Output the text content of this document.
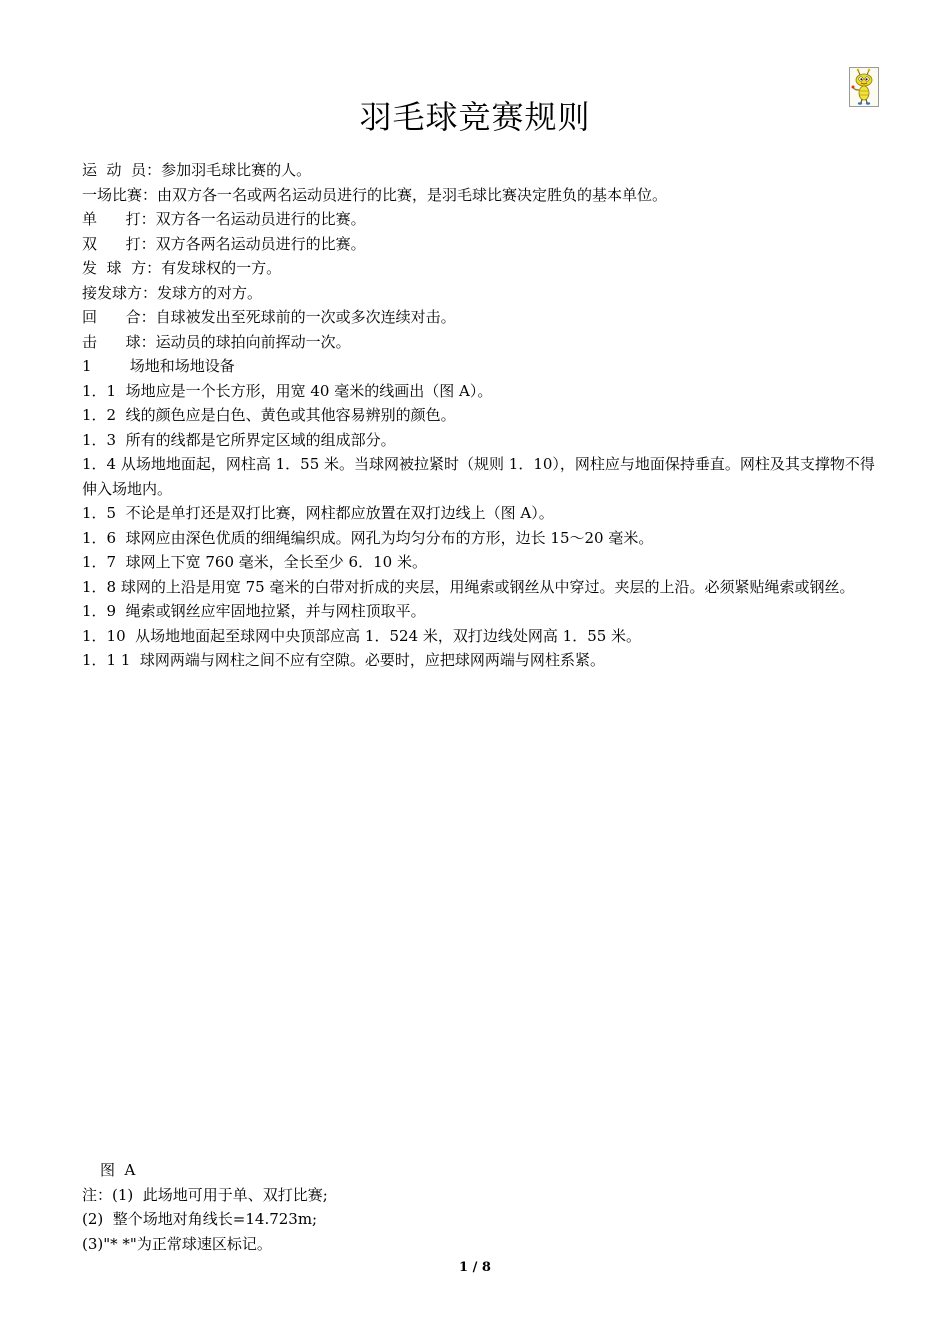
羽毛球竞赛规则
运  动  员：参加羽毛球比赛的人。
一场比赛：由双方各一名或两名运动员进行的比赛，是羽毛球比赛决定胜负的基本单位。
单      打：双方各一名运动员进行的比赛。
双      打：双方各两名运动员进行的比赛。
发  球  方：有发球权的一方。
接发球方：发球方的对方。
回      合：自球被发出至死球前的一次或多次连续对击。
击      球：运动员的球拍向前挥动一次。
1        场地和场地设备
1．1  场地应是一个长方形，用宽 40 毫米的线画出（图 A）。
1．2  线的颜色应是白色、黄色或其他容易辨别的颜色。
1．3  所有的线都是它所界定区域的组成部分。
1．4 从场地地面起，网柱高 1．55 米。当球网被拉紧时（规则 1．10），网柱应与地面保持垂直。网柱及其支撑物不得伸入场地内。
1．5  不论是单打还是双打比赛，网柱都应放置在双打边线上（图 A）。
1．6  球网应由深色优质的细绳编织成。网孔为均匀分布的方形，边长 15～20 毫米。
1．7  球网上下宽 760 毫米，全长至少 6．10 米。
1．8 球网的上沿是用宽 75 毫米的白带对折成的夹层，用绳索或钢丝从中穿过。夹层的上沿。必须紧贴绳索或钢丝。
1．9  绳索或钢丝应牢固地拉紧，并与网柱顶取平。
1．10  从场地地面起至球网中央顶部应高 1．524 米，双打边线处网高 1．55 米。
1．1 1  球网两端与网柱之间不应有空隙。必要时，应把球网两端与网柱系紧。
图  A
注：(1)  此场地可用于单、双打比赛;
(2)  整个场地对角线长=14.723m;
(3)"* *"为正常球速区标记。
1 / 8
